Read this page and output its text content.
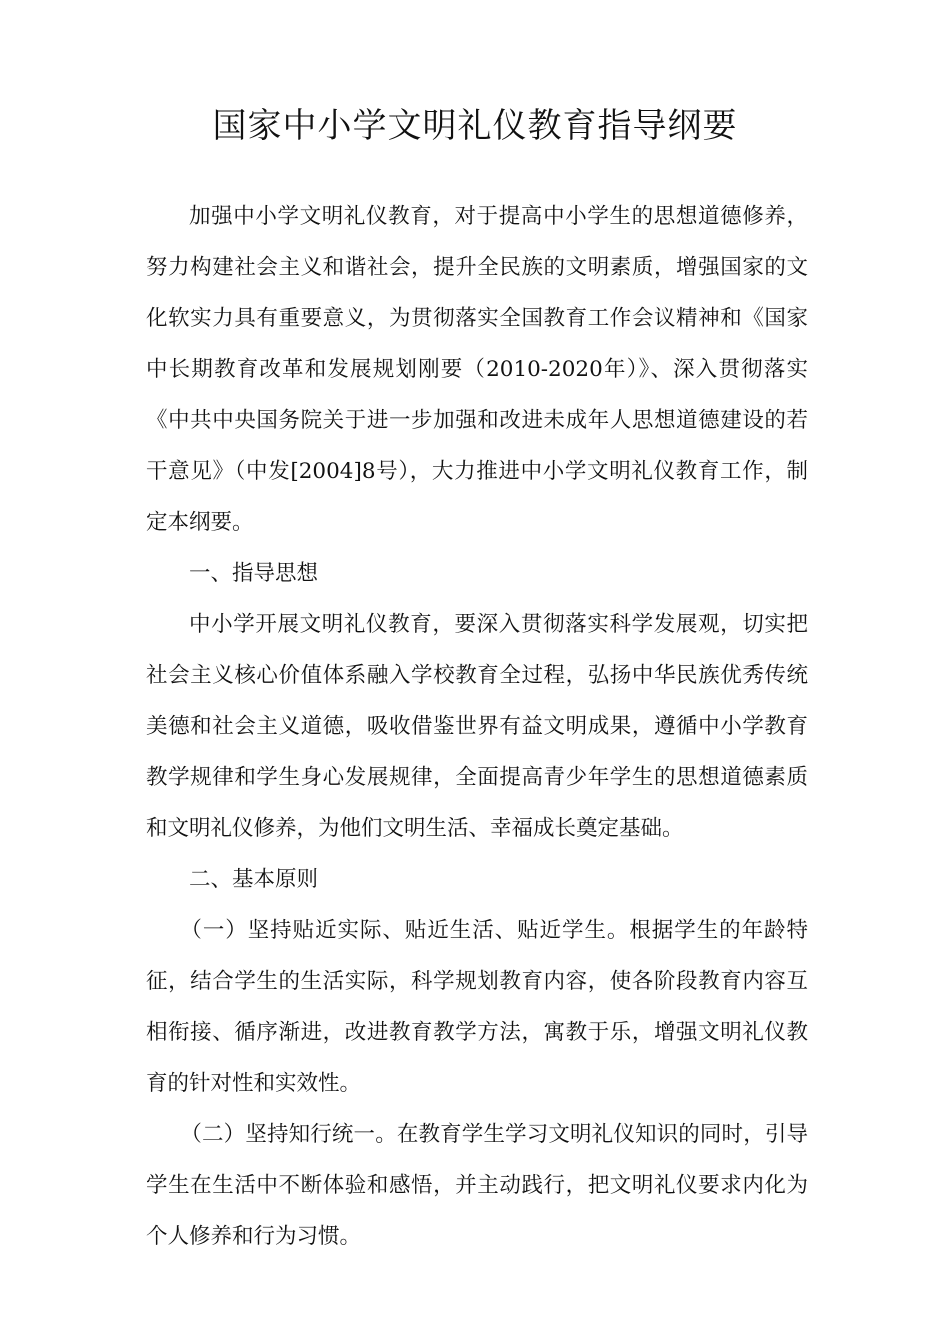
国家中小学文明礼仪教育指导纲要

加强中小学文明礼仪教育，对于提高中小学生的思想道德修养，努力构建社会主义和谐社会，提升全民族的文明素质，增强国家的文化软实力具有重要意义，为贯彻落实全国教育工作会议精神和《国家中长期教育改革和发展规划刚要（2010-2020年）》、深入贯彻落实《中共中央国务院关于进一步加强和改进未成年人思想道德建设的若干意见》（中发[2004]8号），大力推进中小学文明礼仪教育工作，制定本纲要。

一、指导思想

中小学开展文明礼仪教育，要深入贯彻落实科学发展观，切实把社会主义核心价值体系融入学校教育全过程，弘扬中华民族优秀传统美德和社会主义道德，吸收借鉴世界有益文明成果，遵循中小学教育教学规律和学生身心发展规律，全面提高青少年学生的思想道德素质和文明礼仪修养，为他们文明生活、幸福成长奠定基础。

二、基本原则

（一）坚持贴近实际、贴近生活、贴近学生。根据学生的年龄特征，结合学生的生活实际，科学规划教育内容，使各阶段教育内容互相衔接、循序渐进，改进教育教学方法，寓教于乐，增强文明礼仪教育的针对性和实效性。

（二）坚持知行统一。在教育学生学习文明礼仪知识的同时，引导学生在生活中不断体验和感悟，并主动践行，把文明礼仪要求内化为个人修养和行为习惯。
